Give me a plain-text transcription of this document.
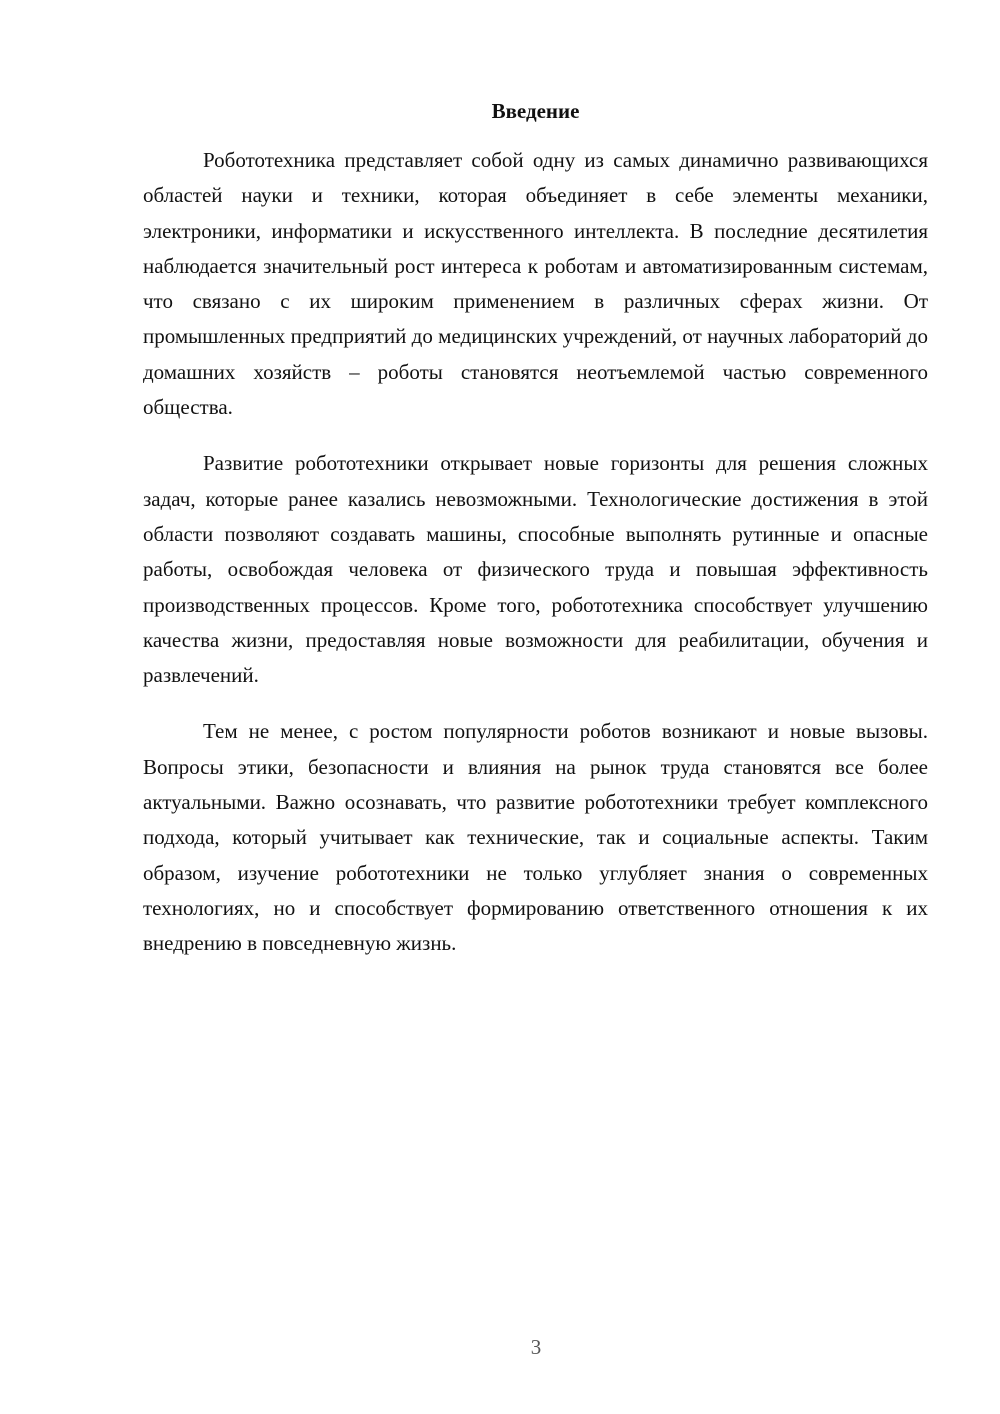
Введение

Робототехника представляет собой одну из самых динамично развивающихся областей науки и техники, которая объединяет в себе элементы механики, электроники, информатики и искусственного интеллекта. В последние десятилетия наблюдается значительный рост интереса к роботам и автоматизированным системам, что связано с их широким применением в различных сферах жизни. От промышленных предприятий до медицинских учреждений, от научных лабораторий до домашних хозяйств – роботы становятся неотъемлемой частью современного общества.

Развитие робототехники открывает новые горизонты для решения сложных задач, которые ранее казались невозможными. Технологические достижения в этой области позволяют создавать машины, способные выполнять рутинные и опасные работы, освобождая человека от физического труда и повышая эффективность производственных процессов. Кроме того, робототехника способствует улучшению качества жизни, предоставляя новые возможности для реабилитации, обучения и развлечений.

Тем не менее, с ростом популярности роботов возникают и новые вызовы. Вопросы этики, безопасности и влияния на рынок труда становятся все более актуальными. Важно осознавать, что развитие робототехники требует комплексного подхода, который учитывает как технические, так и социальные аспекты. Таким образом, изучение робототехники не только углубляет знания о современных технологиях, но и способствует формированию ответственного отношения к их внедрению в повседневную жизнь.

3
